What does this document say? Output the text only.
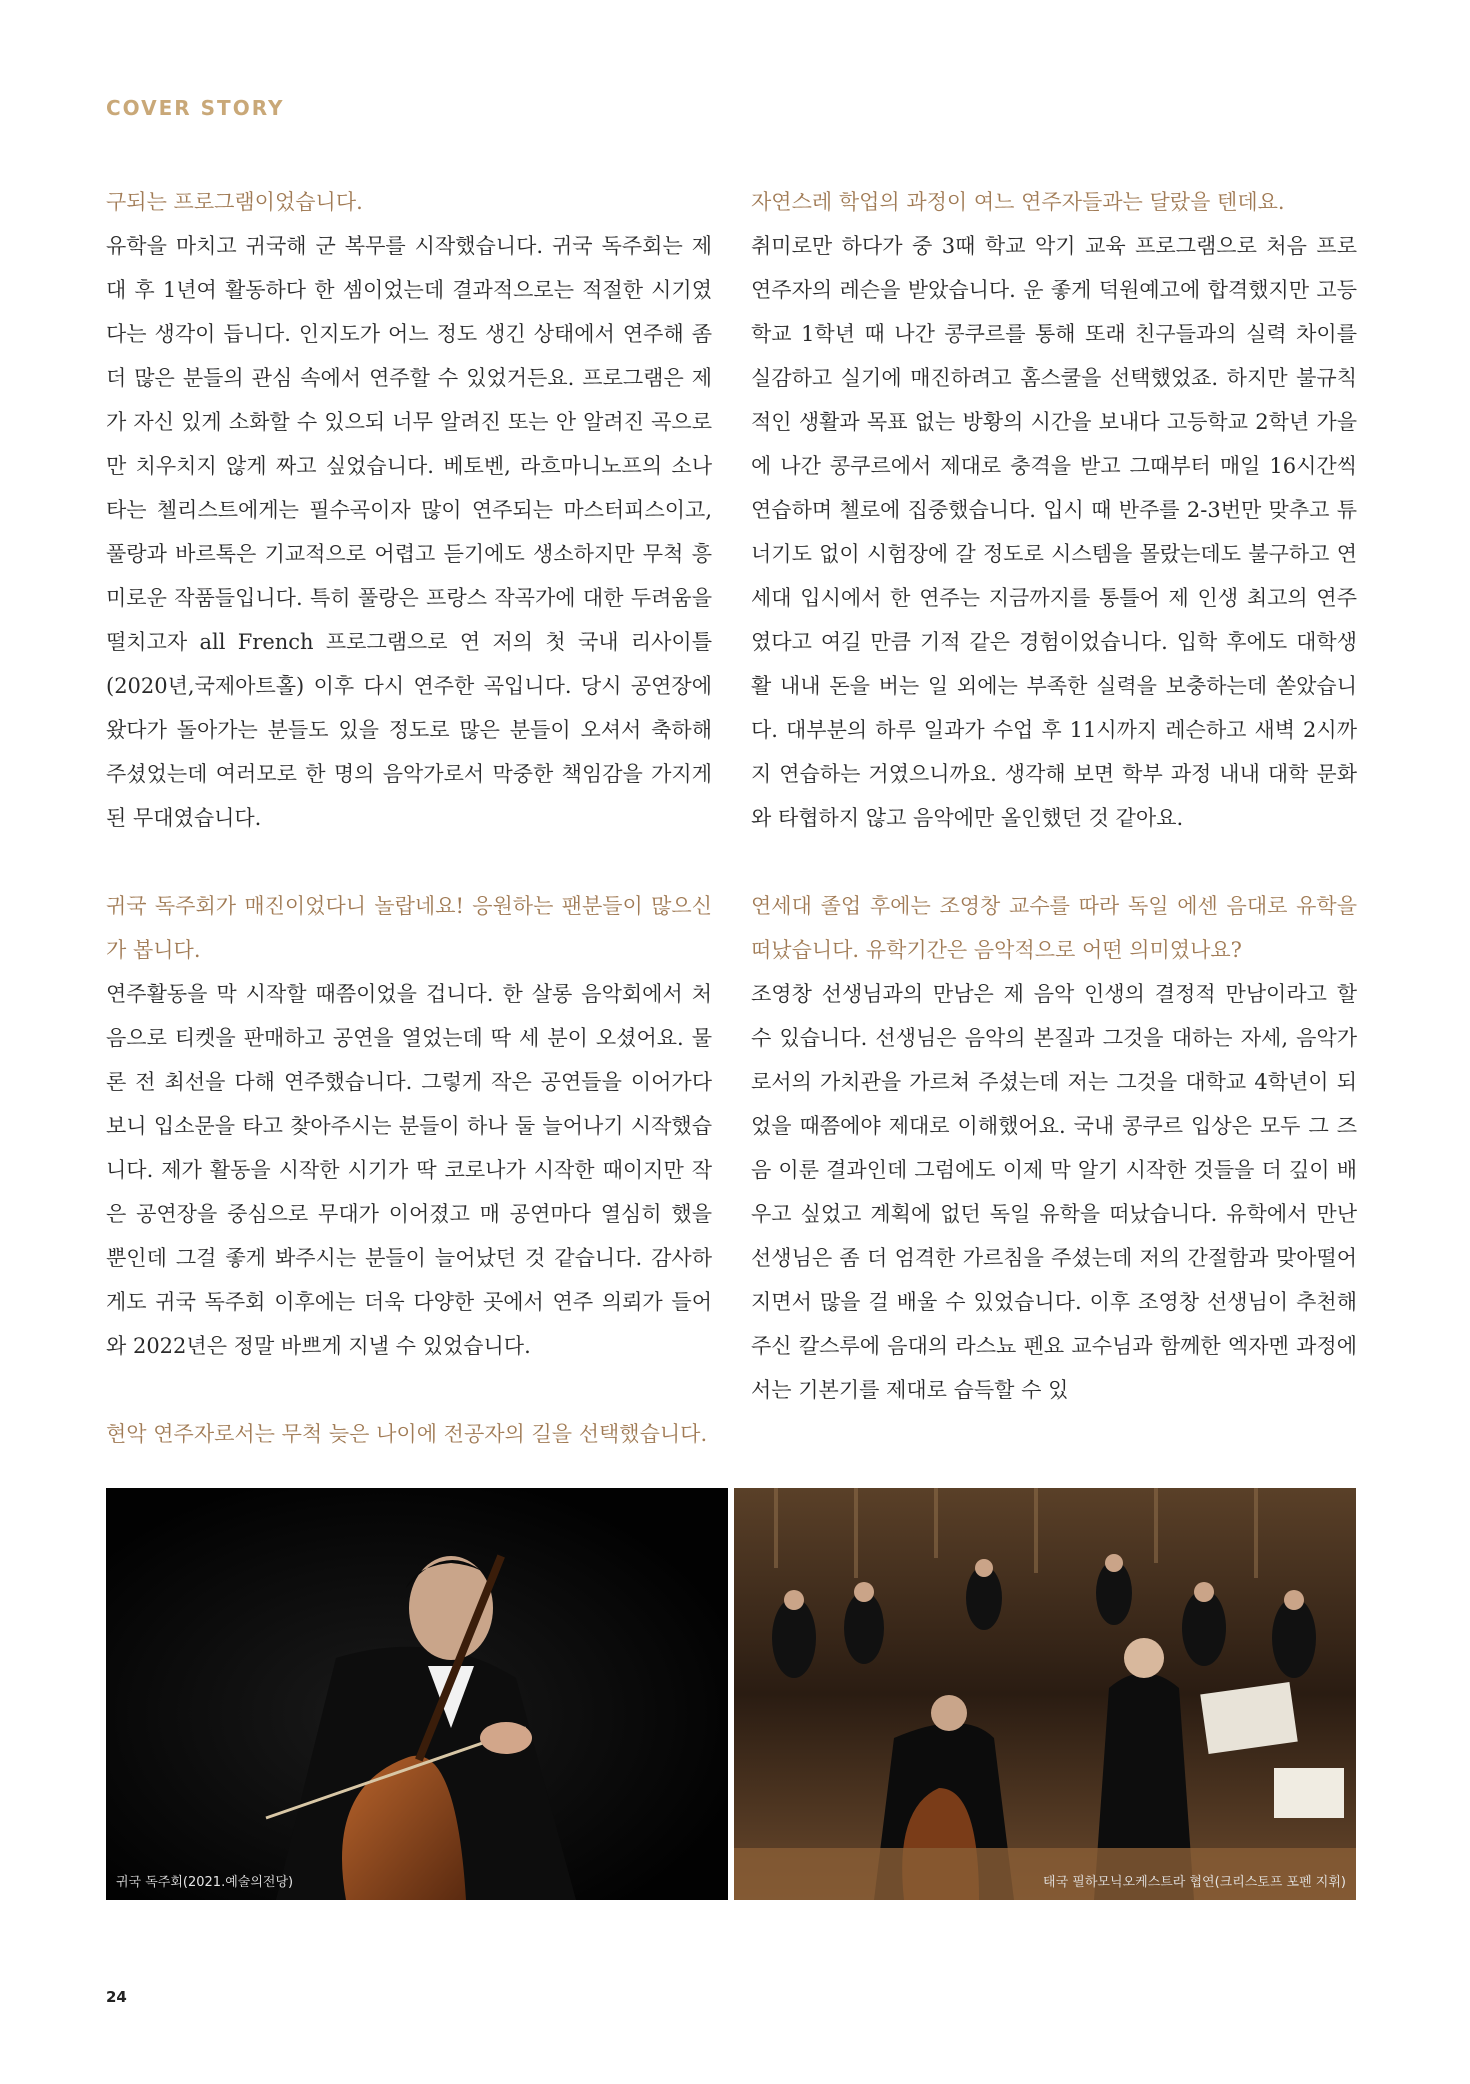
COVER STORY

구되는 프로그램이었습니다.

유학을 마치고 귀국해 군 복무를 시작했습니다. 귀국 독주회는 제대 후 1년여 활동하다 한 셈이었는데 결과적으로는 적절한 시기였다는 생각이 듭니다. 인지도가 어느 정도 생긴 상태에서 연주해 좀 더 많은 분들의 관심 속에서 연주할 수 있었거든요. 프로그램은 제가 자신 있게 소화할 수 있으되 너무 알려진 또는 안 알려진 곡으로만 치우치지 않게 짜고 싶었습니다. 베토벤, 라흐마니노프의 소나타는 첼리스트에게는 필수곡이자 많이 연주되는 마스터피스이고, 풀랑과 바르톡은 기교적으로 어렵고 듣기에도 생소하지만 무척 흥미로운 작품들입니다. 특히 풀랑은 프랑스 작곡가에 대한 두려움을 떨치고자 all French 프로그램으로 연 저의 첫 국내 리사이틀(2020년,국제아트홀) 이후 다시 연주한 곡입니다. 당시 공연장에 왔다가 돌아가는 분들도 있을 정도로 많은 분들이 오셔서 축하해 주셨었는데 여러모로 한 명의 음악가로서 막중한 책임감을 가지게 된 무대였습니다.

귀국 독주회가 매진이었다니 놀랍네요! 응원하는 팬분들이 많으신가 봅니다.

연주활동을 막 시작할 때쯤이었을 겁니다. 한 살롱 음악회에서 처음으로 티켓을 판매하고 공연을 열었는데 딱 세 분이 오셨어요. 물론 전 최선을 다해 연주했습니다. 그렇게 작은 공연들을 이어가다 보니 입소문을 타고 찾아주시는 분들이 하나 둘 늘어나기 시작했습니다. 제가 활동을 시작한 시기가 딱 코로나가 시작한 때이지만 작은 공연장을 중심으로 무대가 이어졌고 매 공연마다 열심히 했을 뿐인데 그걸 좋게 봐주시는 분들이 늘어났던 것 같습니다. 감사하게도 귀국 독주회 이후에는 더욱 다양한 곳에서 연주 의뢰가 들어와 2022년은 정말 바쁘게 지낼 수 있었습니다.

현악 연주자로서는 무척 늦은 나이에 전공자의 길을 선택했습니다.

자연스레 학업의 과정이 여느 연주자들과는 달랐을 텐데요.

취미로만 하다가 중 3때 학교 악기 교육 프로그램으로 처음 프로 연주자의 레슨을 받았습니다. 운 좋게 덕원예고에 합격했지만 고등학교 1학년 때 나간 콩쿠르를 통해 또래 친구들과의 실력 차이를 실감하고 실기에 매진하려고 홈스쿨을 선택했었죠. 하지만 불규칙적인 생활과 목표 없는 방황의 시간을 보내다 고등학교 2학년 가을에 나간 콩쿠르에서 제대로 충격을 받고 그때부터 매일 16시간씩 연습하며 첼로에 집중했습니다. 입시 때 반주를 2-3번만 맞추고 튜너기도 없이 시험장에 갈 정도로 시스템을 몰랐는데도 불구하고 연세대 입시에서 한 연주는 지금까지를 통틀어 제 인생 최고의 연주였다고 여길 만큼 기적 같은 경험이었습니다. 입학 후에도 대학생활 내내 돈을 버는 일 외에는 부족한 실력을 보충하는데 쏟았습니다. 대부분의 하루 일과가 수업 후 11시까지 레슨하고 새벽 2시까지 연습하는 거였으니까요. 생각해 보면 학부 과정 내내 대학 문화와 타협하지 않고 음악에만 올인했던 것 같아요.

연세대 졸업 후에는 조영창 교수를 따라 독일 에센 음대로 유학을 떠났습니다. 유학기간은 음악적으로 어떤 의미였나요?

조영창 선생님과의 만남은 제 음악 인생의 결정적 만남이라고 할 수 있습니다. 선생님은 음악의 본질과 그것을 대하는 자세, 음악가로서의 가치관을 가르쳐 주셨는데 저는 그것을 대학교 4학년이 되었을 때쯤에야 제대로 이해했어요. 국내 콩쿠르 입상은 모두 그 즈음 이룬 결과인데 그럼에도 이제 막 알기 시작한 것들을 더 깊이 배우고 싶었고 계획에 없던 독일 유학을 떠났습니다. 유학에서 만난 선생님은 좀 더 엄격한 가르침을 주셨는데 저의 간절함과 맞아떨어지면서 많을 걸 배울 수 있었습니다. 이후 조영창 선생님이 추천해 주신 칼스루에 음대의 라스뇨 펜요 교수님과 함께한 엑자멘 과정에서는 기본기를 제대로 습득할 수 있

귀국 독주회(2021.예술의전당)	태국 필하모닉오케스트라 협연(크리스토프 포펜 지휘)
24
